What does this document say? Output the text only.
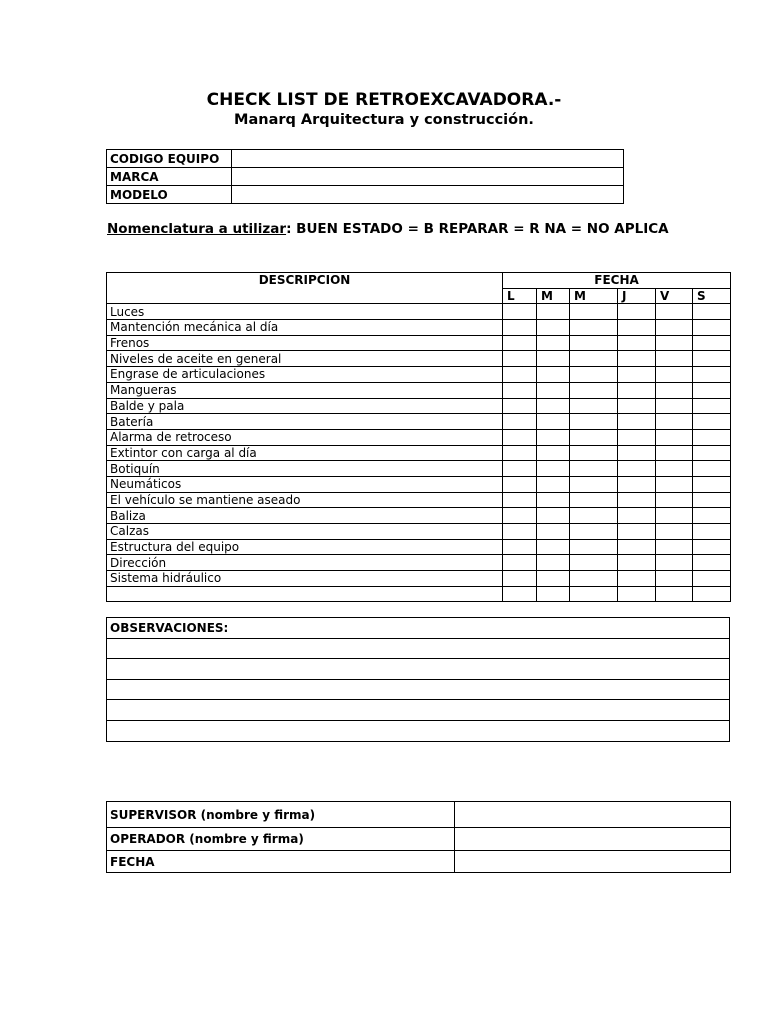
CHECK LIST DE RETROEXCAVADORA.-
Manarq Arquitectura y construcción.
CODIGO EQUIPO	
MARCA	
MODELO	
Nomenclatura a utilizar: BUEN ESTADO = B REPARAR = R NA = NO APLICA
DESCRIPCION	FECHA					
	L	M	M	J	V	S
Luces						
Mantención mecánica al día						
Frenos						
Niveles de aceite en general						
Engrase de articulaciones						
Mangueras						
Balde y pala						
Batería						
Alarma de retroceso						
Extintor con carga al día						
Botiquín						
Neumáticos						
El vehículo se mantiene aseado						
Baliza						
Calzas						
Estructura del equipo						
Dirección						
Sistema hidráulico						

OBSERVACIONES:

SUPERVISOR (nombre y firma)	
OPERADOR (nombre y firma)	
FECHA	
